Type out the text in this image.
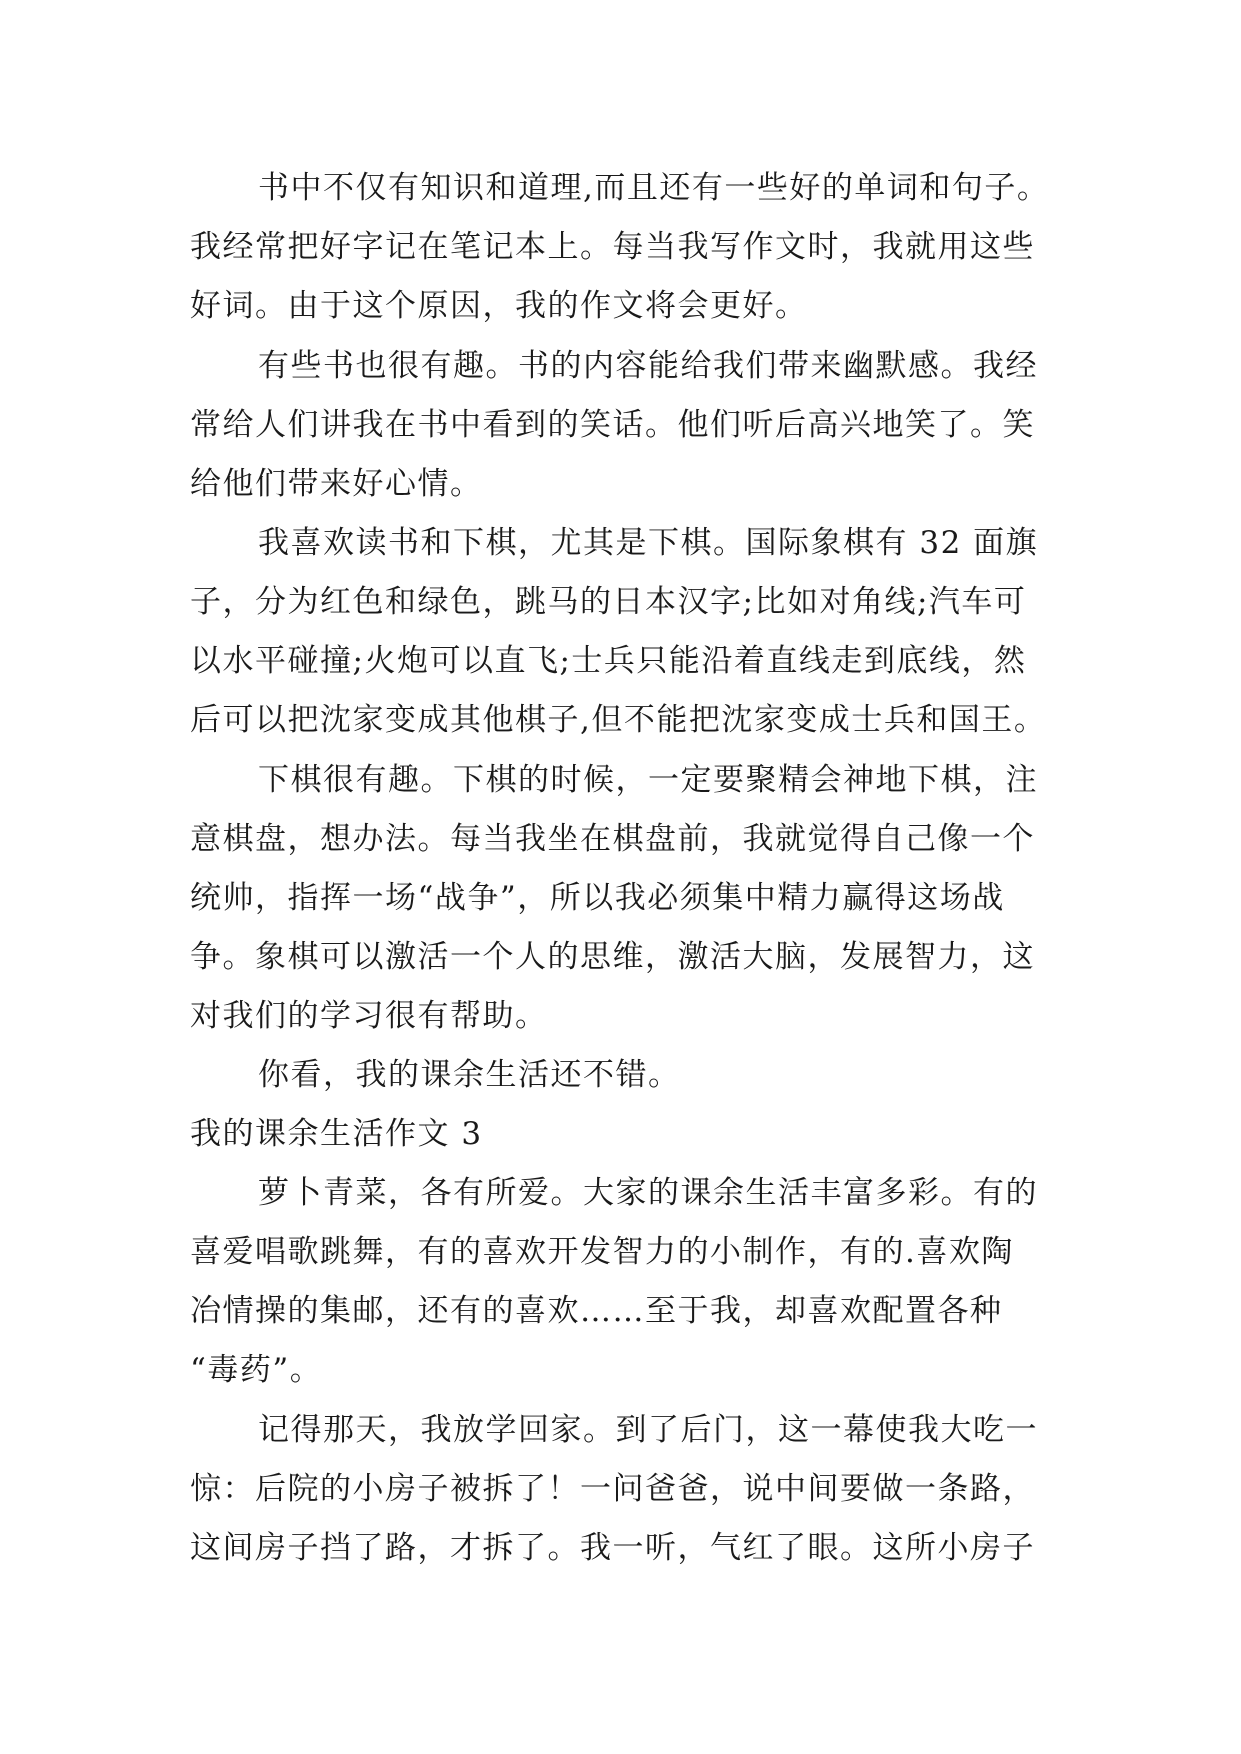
书中不仅有知识和道理,而且还有一些好的单词和句子。
我经常把好字记在笔记本上。每当我写作文时，我就用这些
好词。由于这个原因，我的作文将会更好。
有些书也很有趣。书的内容能给我们带来幽默感。我经
常给人们讲我在书中看到的笑话。他们听后高兴地笑了。笑
给他们带来好心情。
我喜欢读书和下棋，尤其是下棋。国际象棋有 32 面旗
子，分为红色和绿色，跳马的日本汉字;比如对角线;汽车可
以水平碰撞;火炮可以直飞;士兵只能沿着直线走到底线，然
后可以把沈家变成其他棋子,但不能把沈家变成士兵和国王。
下棋很有趣。下棋的时候，一定要聚精会神地下棋，注
意棋盘，想办法。每当我坐在棋盘前，我就觉得自己像一个
统帅，指挥一场“战争”，所以我必须集中精力赢得这场战
争。象棋可以激活一个人的思维，激活大脑，发展智力，这
对我们的学习很有帮助。
你看，我的课余生活还不错。
我的课余生活作文 3
萝卜青菜，各有所爱。大家的课余生活丰富多彩。有的
喜爱唱歌跳舞，有的喜欢开发智力的小制作，有的.喜欢陶
冶情操的集邮，还有的喜欢……至于我，却喜欢配置各种
“毒药”。
记得那天，我放学回家。到了后门，这一幕使我大吃一
惊：后院的小房子被拆了！一问爸爸，说中间要做一条路，
这间房子挡了路，才拆了。我一听，气红了眼。这所小房子
